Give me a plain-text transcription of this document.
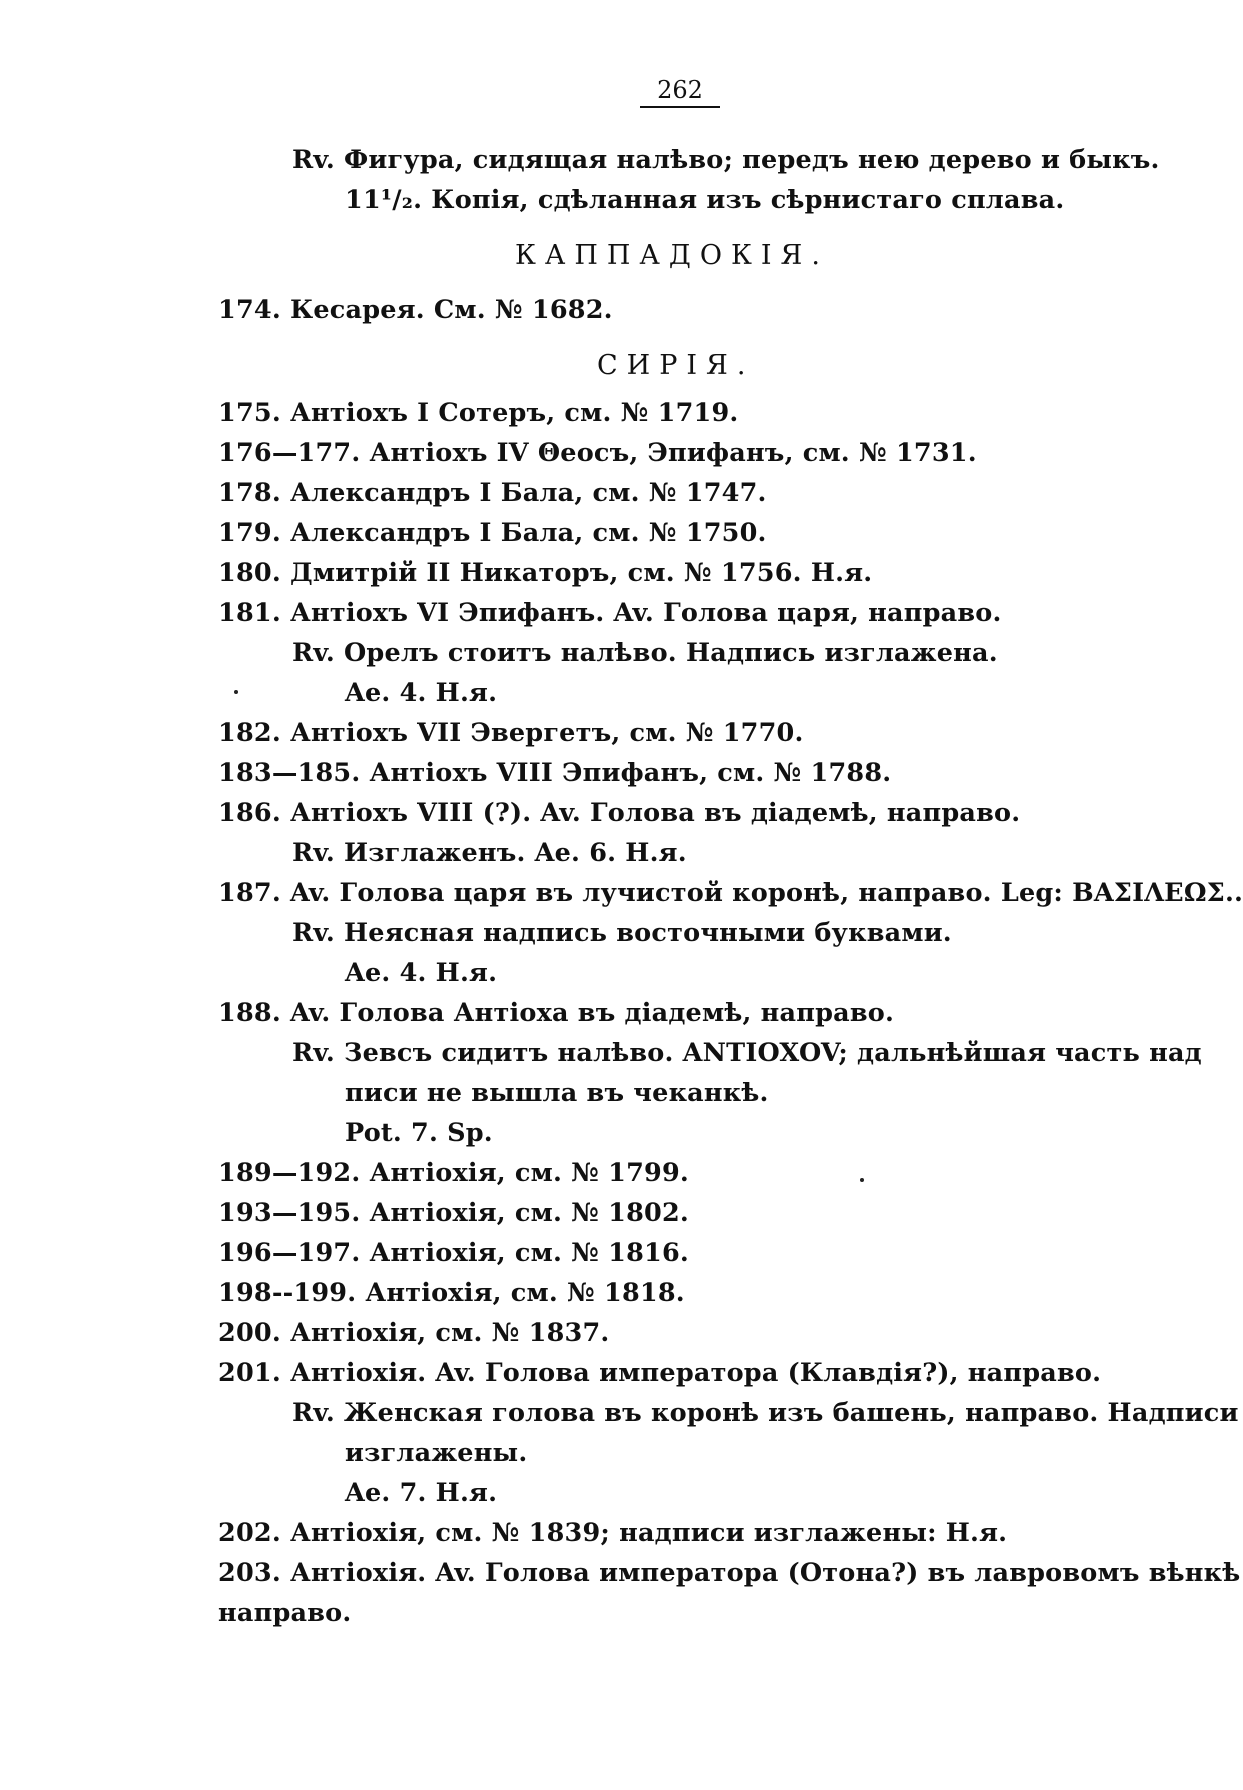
262
Rv. Фигура, сидящая налѣво; передъ нею дерево и быкъ.
11¹/₂. Копія, сдѣланная изъ сѣрнистаго сплава.
КАППАДОКІЯ.
174. Кесарея. См. № 1682.
СИРІЯ.
175. Антіохъ I Сотеръ, см. № 1719.
176—177. Антіохъ IV Θеосъ, Эпифанъ, см. № 1731.
178. Александръ I Бала, см. № 1747.
179. Александръ I Бала, см. № 1750.
180. Дмитрій II Никаторъ, см. № 1756. Н.я.
181. Антіохъ VI Эпифанъ. Av. Голова царя, направо.
Rv. Орелъ стоитъ налѣво. Надпись изглажена.
Ae. 4. Н.я.
182. Антіохъ VII Эвергетъ, см. № 1770.
183—185. Антіохъ VIII Эпифанъ, см. № 1788.
186. Антіохъ VIII (?). Av. Голова въ діадемѣ, направо.
Rv. Изглаженъ. Ae. 6. Н.я.
187. Av. Голова царя въ лучистой коронѣ, направо. Leg: ΒΑΣΙΛΕΩΣ..
Rv. Неясная надпись восточными буквами.
Ae. 4. Н.я.
188. Av. Голова Антіоха въ діадемѣ, направо.
Rv. Зевсъ сидитъ налѣво. ANTIOXOV; дальнѣйшая часть над
писи не вышла въ чеканкѣ.
Pot. 7. Sp.
189—192. Антіохія, см. № 1799.
193—195. Антіохія, см. № 1802.
196—197. Антіохія, см. № 1816.
198--199. Антіохія, см. № 1818.
200. Антіохія, см. № 1837.
201. Антіохія. Av. Голова императора (Клавдія?), направо.
Rv. Женская голова въ коронѣ изъ башень, направо. Надписи
изглажены.
Ae. 7. Н.я.
202. Антіохія, см. № 1839; надписи изглажены: Н.я.
203. Антіохія. Av. Голова императора (Отона?) въ лавровомъ вѣнкѣ
направо.
